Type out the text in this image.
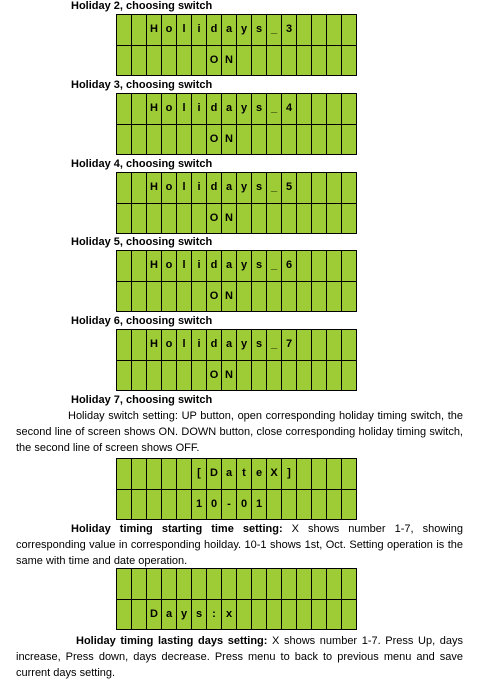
Holiday 2, choosing switch
H o l	i d a y s _ 3
O N
Holiday 3, choosing switch
H o l	i d a y s _ 4
O N
Holiday 4, choosing switch
H o l	i d a y s _ 5
O N
Holiday 5, choosing switch
H o l	i d a y s _ 6
O N
Holiday 6, choosing switch
H o l	i d a y s _ 7
O N
Holiday 7, choosing switch

Holiday switch setting: UP button, open corresponding holiday timing switch, the second line of screen shows ON. DOWN button, close corresponding holiday timing switch, the second line of screen shows OFF.

[ D a t e X ]
1 0 - 0 1

Holiday timing starting time setting: X shows number 1-7, showing corresponding value in corresponding hoilday. 10-1 shows 1st, Oct. Setting operation is the same with time and date operation.

D a y s : x

Holiday timing lasting days setting: X shows number 1-7. Press Up, days increase, Press down, days decrease. Press menu to back to previous menu and save current days setting.
